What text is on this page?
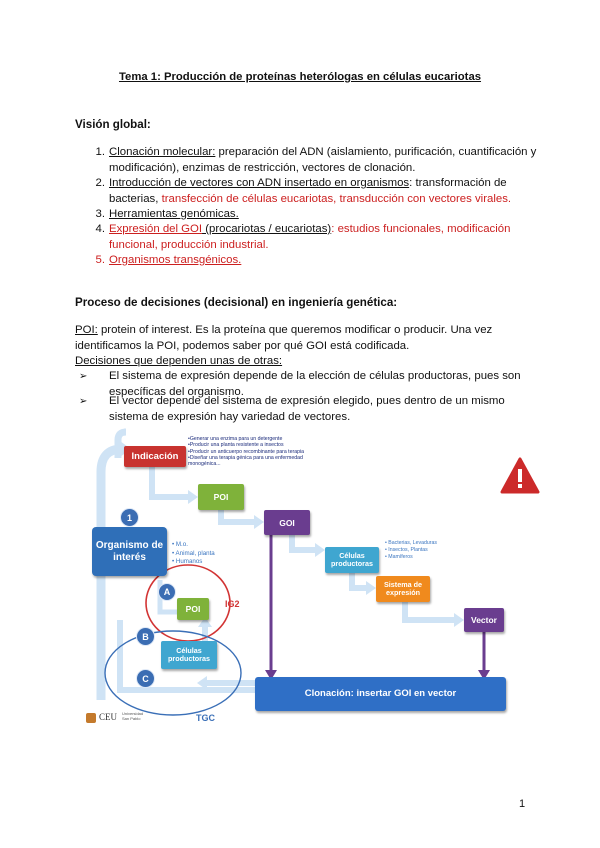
Tema 1: Producción de proteínas heterólogas en células eucariotas
Visión global:
1. Clonación molecular: preparación del ADN (aislamiento, purificación, cuantificación y
modificación), enzimas de restricción, vectores de clonación.
2. Introducción de vectores con ADN insertado en organismos: transformación de
bacterias, transfección de células eucariotas, transducción con vectores virales.
3. Herramientas genómicas.
4. Expresión del GOI (procariotas / eucariotas): estudios funcionales, modificación
funcional, producción industrial.
5. Organismos transgénicos.
Proceso de decisiones (decisional) en ingeniería genética:
POI: protein of interest. Es la proteína que queremos modificar o producir. Una vez
identificamos la POI, podemos saber por qué GOI está codificada.
Decisiones que dependen unas de otras:
➢ El sistema de expresión depende de la elección de células productoras, pues son
específicas del organismo.
➢ El vector depende del sistema de expresión elegido, pues dentro de un mismo
sistema de expresión hay variedad de vectores.
Indicación
•Generar una enzima para un detergente
•Producir una planta resistente a insectos
•Producir un anticuerpo recombinante para terapia
•Diseñar una terapia génica para una enfermedad
monogénica...
POI
GOI
Organismo de interés
• M.o.
• Animal, planta
• Humanos
Células productoras
• Bacterias, Levaduras
• Insectos, Plantas
• Mamíferos
Sistema de expresión
Vector
POI
Células productoras
Clonación: insertar GOI en vector
1
A
B
C
IG2
TGC
CEU Universidad
San Pablo
1
